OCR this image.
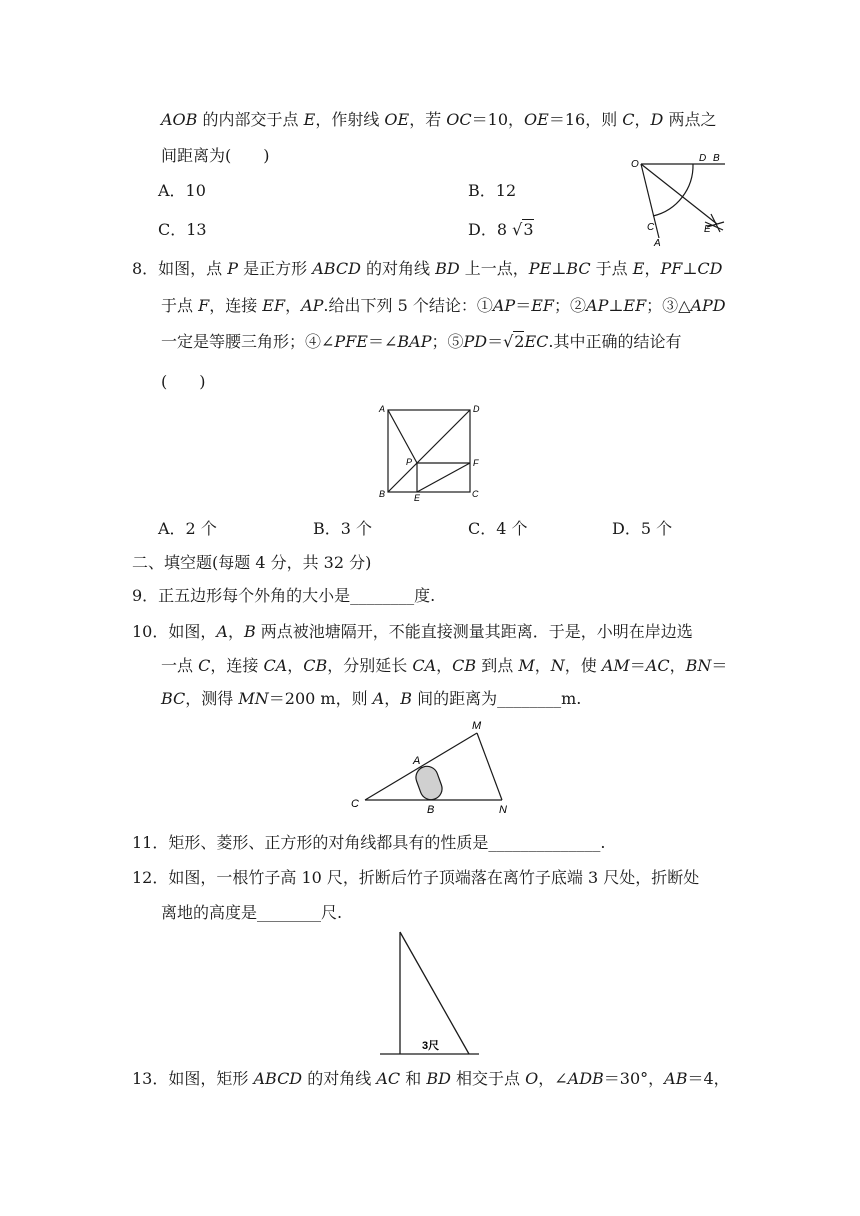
AOB 的内部交于点 E，作射线 OE，若 OC＝10，OE＝16，则 C，D 两点之
间距离为(　　)
A．10	B．12
C．13	D．8 √3
O
D B
C
A
E
8．如图，点 P 是正方形 ABCD 的对角线 BD 上一点，PE⊥BC 于点 E，PF⊥CD
于点 F，连接 EF，AP.给出下列 5 个结论：①AP＝EF；②AP⊥EF；③△APD
一定是等腰三角形；④∠PFE＝∠BAP；⑤PD＝√2EC.其中正确的结论有
(　　)
A	D
P	F
B	E	C
A．2 个	B．3 个	C．4 个	D．5 个
二、填空题(每题 4 分，共 32 分)
9．正五边形每个外角的大小是________度.
10．如图，A，B 两点被池塘隔开，不能直接测量其距离．于是，小明在岸边选
一点 C，连接 CA，CB，分别延长 CA，CB 到点 M，N，使 AM＝AC，BN＝
BC，测得 MN＝200 m，则 A，B 间的距离为________m.
M
A
C	B	N
11．矩形、菱形、正方形的对角线都具有的性质是______________.
12．如图，一根竹子高 10 尺，折断后竹子顶端落在离竹子底端 3 尺处，折断处
离地的高度是________尺.
3尺
13．如图，矩形 ABCD 的对角线 AC 和 BD 相交于点 O，∠ADB＝30°，AB＝4，
